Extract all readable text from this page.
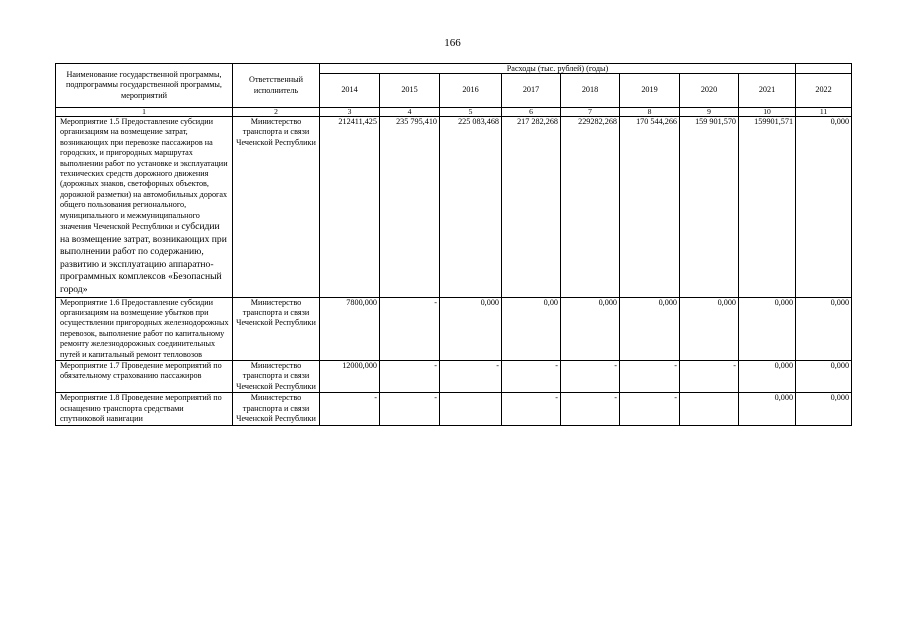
166
Наименование государственной программы, подпрограммы государственной программы, мероприятий	Ответственный исполнитель	Расходы (тыс. рублей) (годы)								
		2014	2015	2016	2017	2018	2019	2020	2021	2022
1	2	3	4	5	6	7	8	9	10	11
Мероприятие 1.5 Предоставление субсидии организациям на возмещение затрат, возникающих при перевозке пассажиров на городских, и пригородных маршрутах выполнении работ по установке и эксплуатации технических средств дорожного движения (дорожных знаков, светофорных объектов, дорожной разметки) на автомобильных дорогах общего пользования регионального, муниципального и межмуниципального значения Чеченской Республики и субсидии на возмещение затрат, возникающих при выполнении работ по содержанию, развитию и эксплуатацию аппаратно-программных комплексов «Безопасный город»	Министерство транспорта и связи Чеченской Республики	212411,425	235 795,410	225 083,468	217 282,268	229282,268	170 544,266	159 901,570	159901,571	0,000
Мероприятие 1.6 Предоставление субсидии организациям на возмещение убытков при осуществлении пригородных железнодорожных перевозок, выполнение работ по капитальному ремонту железнодорожных соединительных путей и капитальный ремонт тепловозов	Министерство транспорта и связи Чеченской Республики	7800,000	-	0,000	0,00	0,000	0,000	0,000	0,000	0,000
Мероприятие 1.7 Проведение мероприятий по обязательному страхованию пассажиров	Министерство транспорта и связи Чеченской Республики	12000,000	-	-	-	-	-	-	0,000	0,000
Мероприятие 1.8 Проведение мероприятий по оснащению транспорта средствами спутниковой навигации	Министерство транспорта и связи Чеченской Республики	-	-		-	-	-		0,000	0,000
